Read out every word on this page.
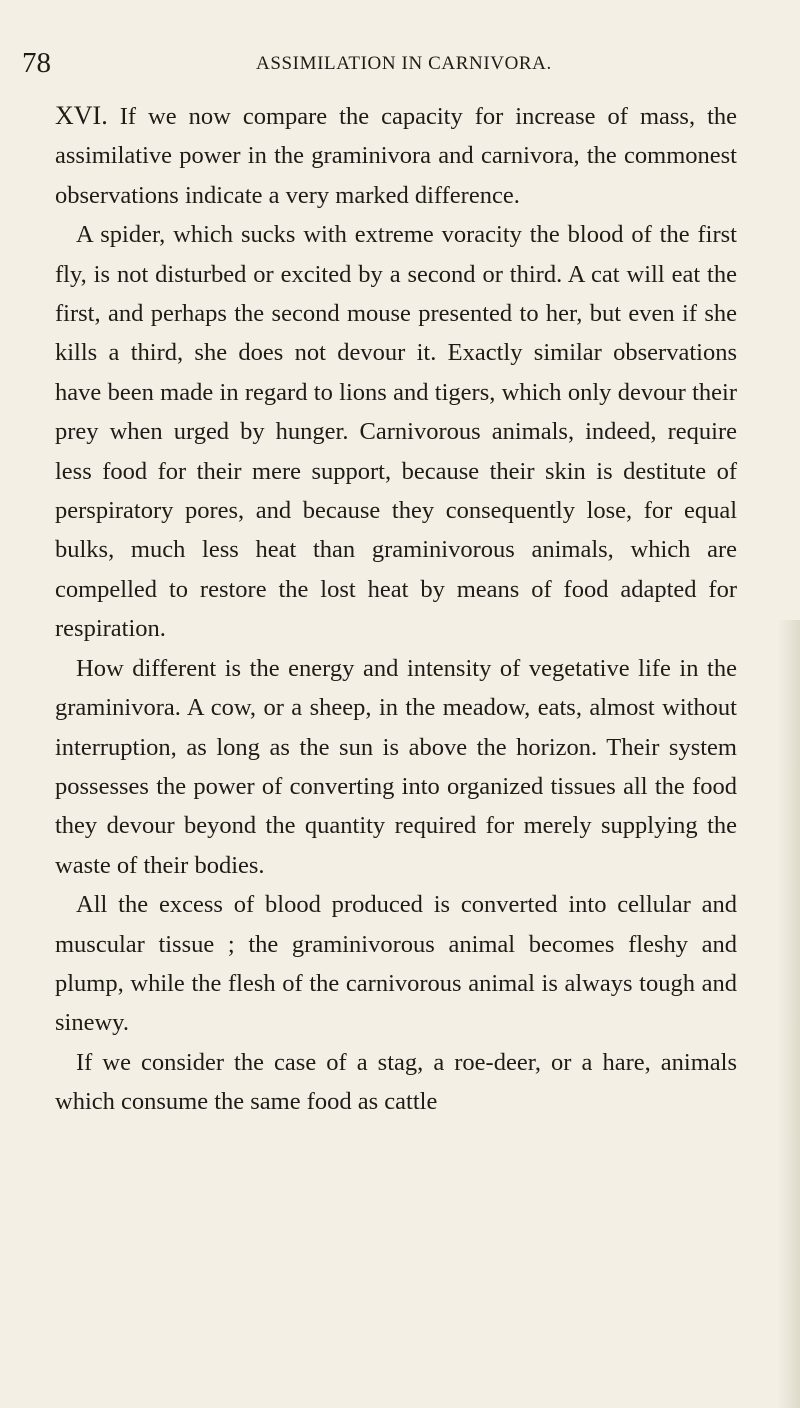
78	ASSIMILATION IN CARNIVORA.

XVI. If we now compare the capacity for increase of mass, the assimilative power in the graminivora and carnivora, the commonest observations indicate a very marked difference.

A spider, which sucks with extreme voracity the blood of the first fly, is not disturbed or excited by a second or third. A cat will eat the first, and perhaps the second mouse presented to her, but even if she kills a third, she does not devour it. Exactly similar observations have been made in regard to lions and tigers, which only devour their prey when urged by hunger. Carnivorous animals, indeed, require less food for their mere support, because their skin is destitute of perspiratory pores, and because they consequently lose, for equal bulks, much less heat than graminivorous animals, which are compelled to restore the lost heat by means of food adapted for respiration.

How different is the energy and intensity of vegetative life in the graminivora. A cow, or a sheep, in the meadow, eats, almost without interruption, as long as the sun is above the horizon. Their system possesses the power of converting into organized tissues all the food they devour beyond the quantity required for merely supplying the waste of their bodies.

All the excess of blood produced is converted into cellular and muscular tissue ; the graminivorous animal becomes fleshy and plump, while the flesh of the carnivorous animal is always tough and sinewy.

If we consider the case of a stag, a roe-deer, or a hare, animals which consume the same food as cattle
